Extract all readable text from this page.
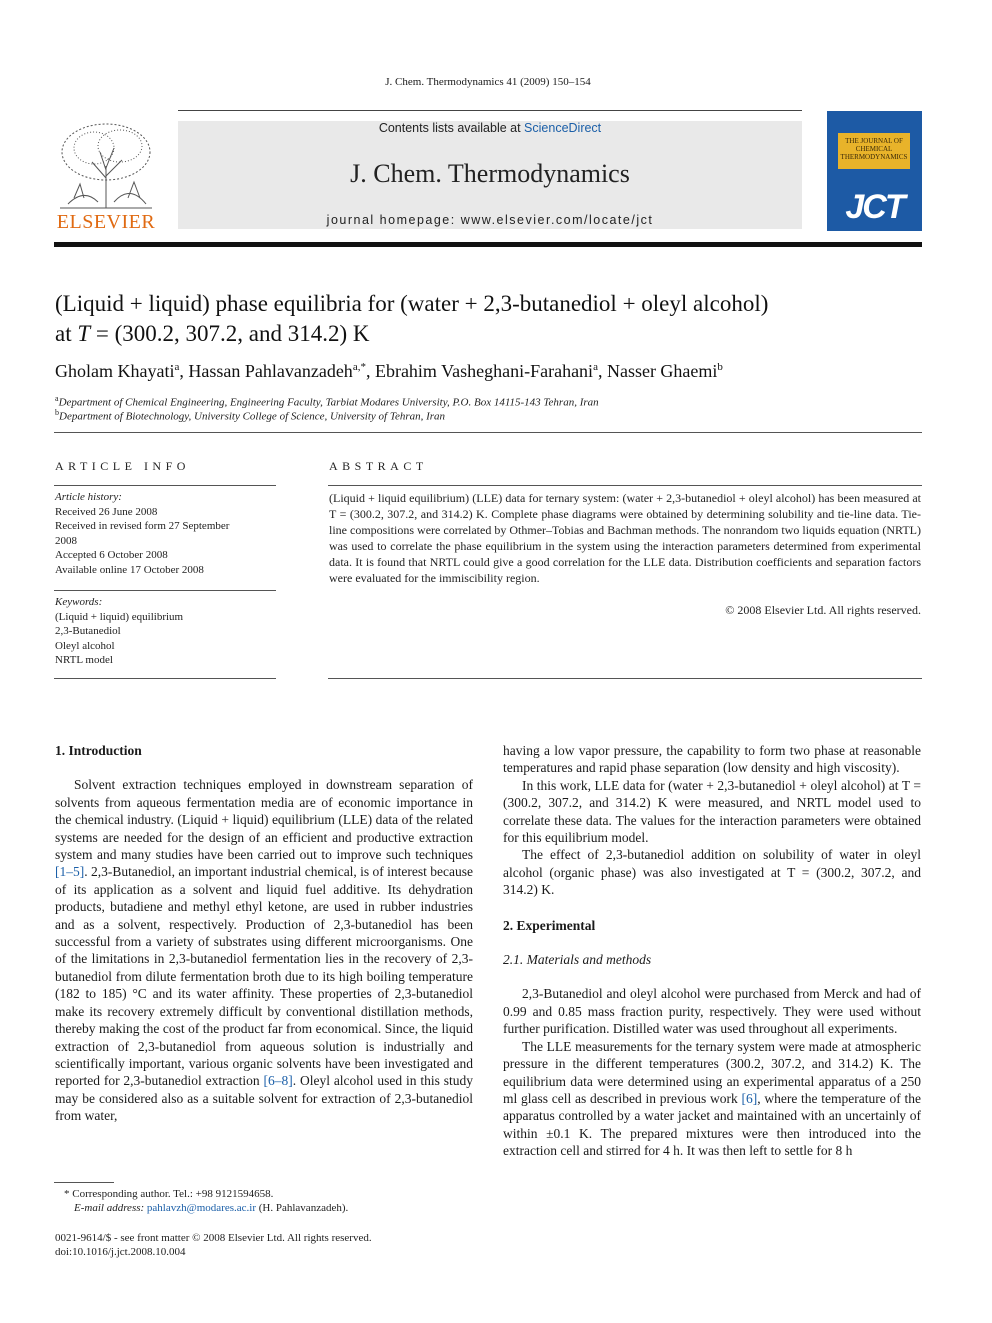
J. Chem. Thermodynamics 41 (2009) 150–154
ELSEVIER
Contents lists available at ScienceDirect
J. Chem. Thermodynamics
journal homepage: www.elsevier.com/locate/jct
THE JOURNAL OF CHEMICAL THERMODYNAMICS
JCT
(Liquid + liquid) phase equilibria for (water + 2,3-butanediol + oleyl alcohol)
at T = (300.2, 307.2, and 314.2) K
Gholam Khayati$^a$, Hassan Pahlavanzadeh$^{a,*}$, Ebrahim Vasheghani-Farahani$^a$, Nasser Ghaemi$^b$
$^a$Department of Chemical Engineering, Engineering Faculty, Tarbiat Modares University, P.O. Box 14115-143 Tehran, Iran
$^b$Department of Biotechnology, University College of Science, University of Tehran, Iran
ARTICLE INFO
Article history:
Received 26 June 2008
Received in revised form 27 September
2008
Accepted 6 October 2008
Available online 17 October 2008
Keywords:
(Liquid + liquid) equilibrium
2,3-Butanediol
Oleyl alcohol
NRTL model
ABSTRACT
(Liquid + liquid equilibrium) (LLE) data for ternary system: (water + 2,3-butanediol + oleyl alcohol) has been measured at T = (300.2, 307.2, and 314.2) K. Complete phase diagrams were obtained by determining solubility and tie-line data. Tie-line compositions were correlated by Othmer–Tobias and Bachman methods. The nonrandom two liquids equation (NRTL) was used to correlate the phase equilibrium in the system using the interaction parameters determined from experimental data. It is found that NRTL could give a good correlation for the LLE data. Distribution coefficients and separation factors were evaluated for the immiscibility region.
© 2008 Elsevier Ltd. All rights reserved.
1. Introduction

Solvent extraction techniques employed in downstream separation of solvents from aqueous fermentation media are of economic importance in the chemical industry. (Liquid + liquid) equilibrium (LLE) data of the related systems are needed for the design of an efficient and productive extraction system and many studies have been carried out to improve such techniques [1–5]. 2,3-Butanediol, an important industrial chemical, is of interest because of its application as a solvent and liquid fuel additive. Its dehydration products, butadiene and methyl ethyl ketone, are used in rubber industries and as a solvent, respectively. Production of 2,3-butanediol has been successful from a variety of substrates using different microorganisms. One of the limitations in 2,3-butanediol fermentation lies in the recovery of 2,3-butanediol from dilute fermentation broth due to its high boiling temperature (182 to 185) °C and its water affinity. These properties of 2,3-butanediol make its recovery extremely difficult by conventional distillation methods, thereby making the cost of the product far from economical. Since, the liquid extraction of 2,3-butanediol from aqueous solution is industrially and scientifically important, various organic solvents have been investigated and reported for 2,3-butanediol extraction [6–8]. Oleyl alcohol used in this study may be considered also as a suitable solvent for extraction of 2,3-butanediol from water,

* Corresponding author. Tel.: +98 9121594658.
E-mail address: pahlavzh@modares.ac.ir (H. Pahlavanzadeh).
0021-9614/$ - see front matter © 2008 Elsevier Ltd. All rights reserved.
doi:10.1016/j.jct.2008.10.004

having a low vapor pressure, the capability to form two phase at reasonable temperatures and rapid phase separation (low density and high viscosity).

In this work, LLE data for (water + 2,3-butanediol + oleyl alcohol) at T = (300.2, 307.2, and 314.2) K were measured, and NRTL model used to correlate these data. The values for the interaction parameters were obtained for this equilibrium model.

The effect of 2,3-butanediol addition on solubility of water in oleyl alcohol (organic phase) was also investigated at T = (300.2, 307.2, and 314.2) K.

2. Experimental
2.1. Materials and methods

2,3-Butanediol and oleyl alcohol were purchased from Merck and had of 0.99 and 0.85 mass fraction purity, respectively. They were used without further purification. Distilled water was used throughout all experiments.

The LLE measurements for the ternary system were made at atmospheric pressure in the different temperatures (300.2, 307.2, and 314.2) K. The equilibrium data were determined using an experimental apparatus of a 250 ml glass cell as described in previous work [6], where the temperature of the apparatus controlled by a water jacket and maintained with an uncertainly of within ±0.1 K. The prepared mixtures were then introduced into the extraction cell and stirred for 4 h. It was then left to settle for 8 h
